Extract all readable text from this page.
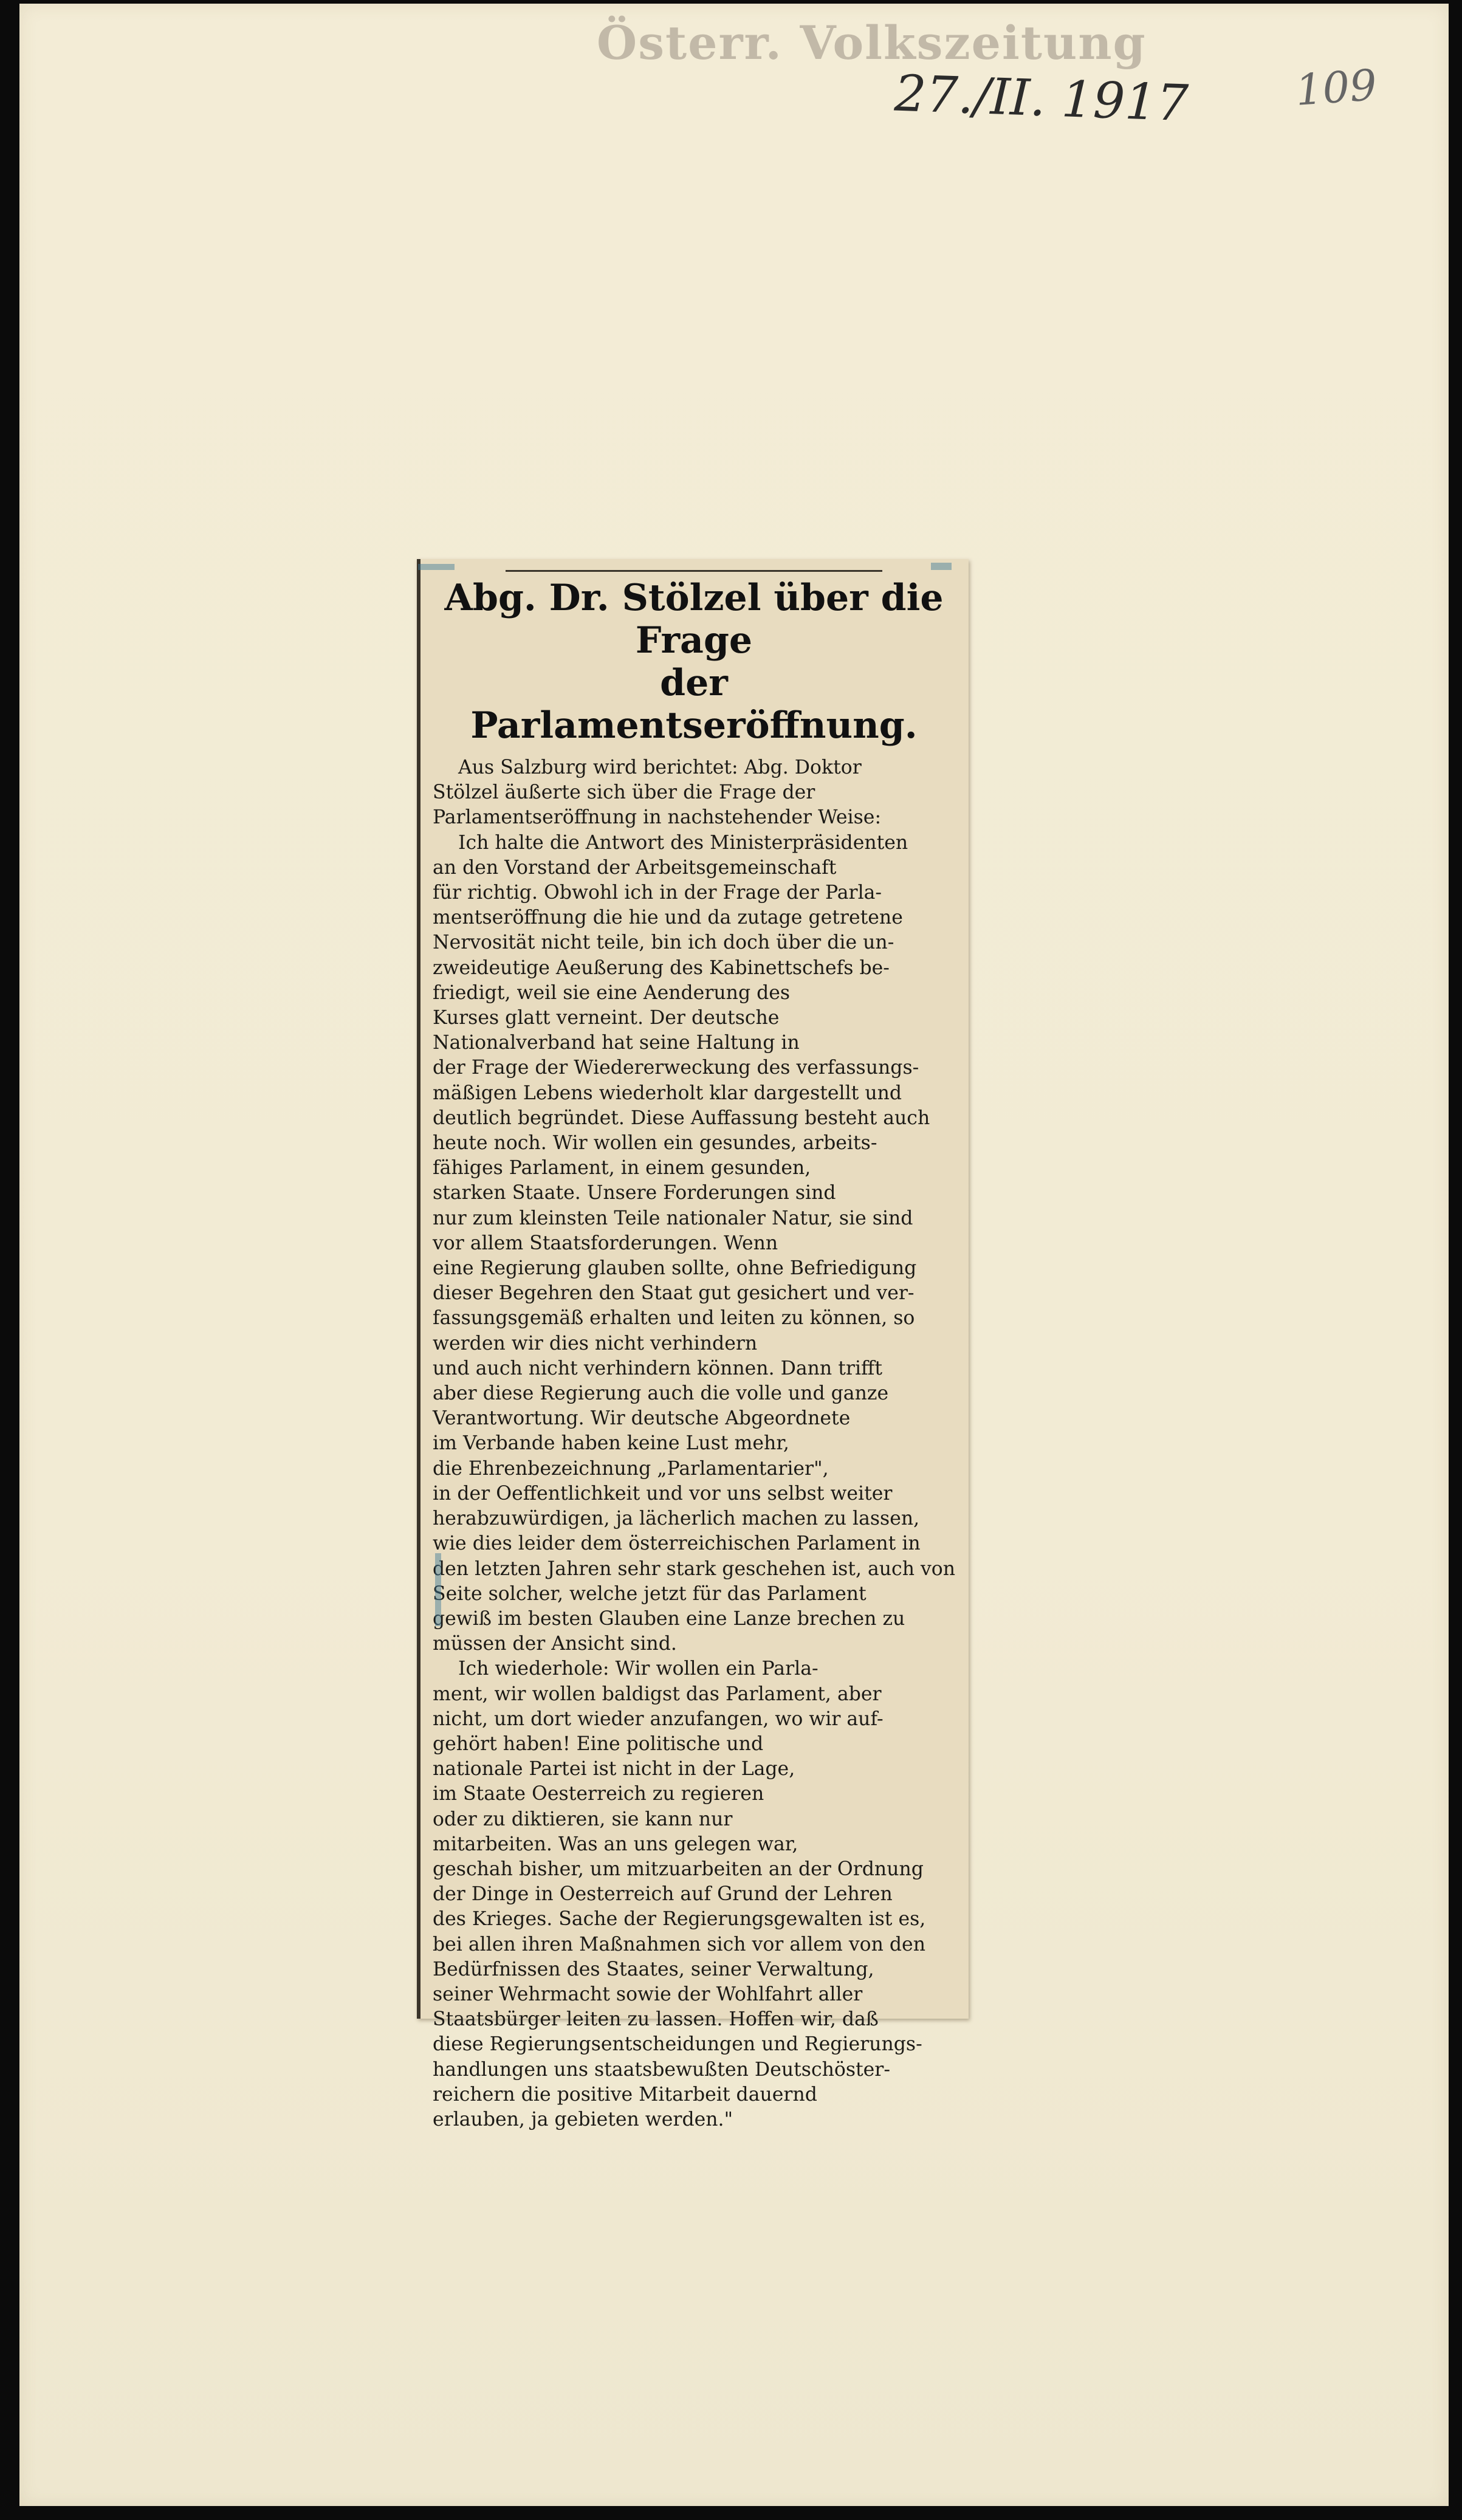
Österr. Volkszeitung
27./II. 1917 109
Abg. Dr. Stölzel über die Frage
der Parlamentseröffnung.
Aus Salzburg wird berichtet: Abg. Doktor
Stölzel äußerte sich über die Frage der
Parlamentseröffnung in nachstehender Weise:
Ich halte die Antwort des Ministerpräsidenten
an den Vorstand der Arbeitsgemeinschaft
für richtig. Obwohl ich in der Frage der Parla-
mentseröffnung die hie und da zutage getretene
Nervosität nicht teile, bin ich doch über die un-
zweideutige Aeußerung des Kabinettschefs be-
friedigt, weil sie eine Aenderung des
Kurses glatt verneint. Der deutsche
Nationalverband hat seine Haltung in
der Frage der Wiedererweckung des verfassungs-
mäßigen Lebens wiederholt klar dargestellt und
deutlich begründet. Diese Auffassung besteht auch
heute noch. Wir wollen ein gesundes, arbeits-
fähiges Parlament, in einem gesunden,
starken Staate. Unsere Forderungen sind
nur zum kleinsten Teile nationaler Natur, sie sind
vor allem Staatsforderungen. Wenn
eine Regierung glauben sollte, ohne Befriedigung
dieser Begehren den Staat gut gesichert und ver-
fassungsgemäß erhalten und leiten zu können, so
werden wir dies nicht verhindern
und auch nicht verhindern können. Dann trifft
aber diese Regierung auch die volle und ganze
Verantwortung. Wir deutsche Abgeordnete
im Verbande haben keine Lust mehr,
die Ehrenbezeichnung „Parlamentarier",
in der Oeffentlichkeit und vor uns selbst weiter
herabzuwürdigen, ja lächerlich machen zu lassen,
wie dies leider dem österreichischen Parlament in
den letzten Jahren sehr stark geschehen ist, auch von
Seite solcher, welche jetzt für das Parlament
gewiß im besten Glauben eine Lanze brechen zu
müssen der Ansicht sind.
Ich wiederhole: Wir wollen ein Parla-
ment, wir wollen baldigst das Parlament, aber
nicht, um dort wieder anzufangen, wo wir auf-
gehört haben! Eine politische und
nationale Partei ist nicht in der Lage,
im Staate Oesterreich zu regieren
oder zu diktieren, sie kann nur
mitarbeiten. Was an uns gelegen war,
geschah bisher, um mitzuarbeiten an der Ordnung
der Dinge in Oesterreich auf Grund der Lehren
des Krieges. Sache der Regierungsgewalten ist es,
bei allen ihren Maßnahmen sich vor allem von den
Bedürfnissen des Staates, seiner Verwaltung,
seiner Wehrmacht sowie der Wohlfahrt aller
Staatsbürger leiten zu lassen. Hoffen wir, daß
diese Regierungsentscheidungen und Regierungs-
handlungen uns staatsbewußten Deutschöster-
reichern die positive Mitarbeit dauernd
erlauben, ja gebieten werden."
